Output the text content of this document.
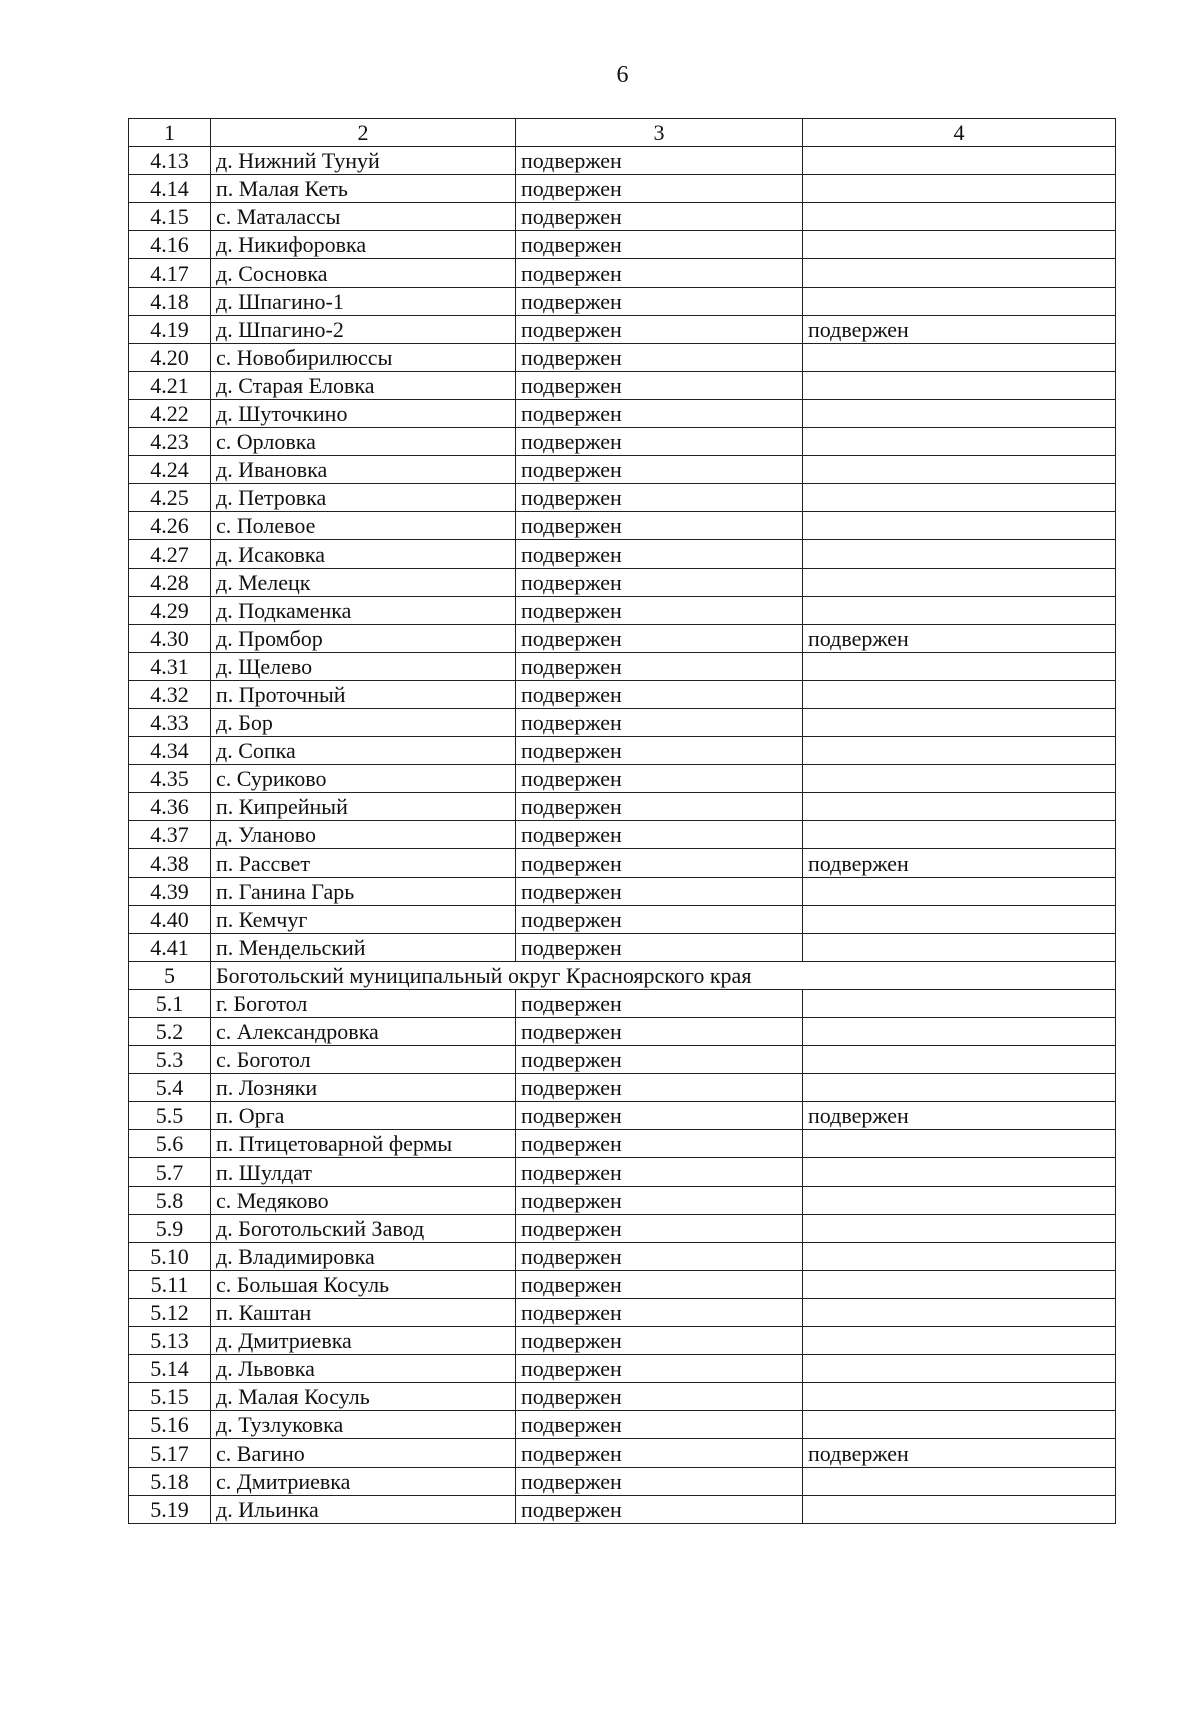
6
1	2	3	4
4.13	д. Нижний Тунуй	подвержен	
4.14	п. Малая Кеть	подвержен	
4.15	с. Маталассы	подвержен	
4.16	д. Никифоровка	подвержен	
4.17	д. Сосновка	подвержен	
4.18	д. Шпагино-1	подвержен	
4.19	д. Шпагино-2	подвержен	подвержен
4.20	с. Новобирилюссы	подвержен	
4.21	д. Старая Еловка	подвержен	
4.22	д. Шуточкино	подвержен	
4.23	с. Орловка	подвержен	
4.24	д. Ивановка	подвержен	
4.25	д. Петровка	подвержен	
4.26	с. Полевое	подвержен	
4.27	д. Исаковка	подвержен	
4.28	д. Мелецк	подвержен	
4.29	д. Подкаменка	подвержен	
4.30	д. Промбор	подвержен	подвержен
4.31	д. Щелево	подвержен	
4.32	п. Проточный	подвержен	
4.33	д. Бор	подвержен	
4.34	д. Сопка	подвержен	
4.35	с. Суриково	подвержен	
4.36	п. Кипрейный	подвержен	
4.37	д. Уланово	подвержен	
4.38	п. Рассвет	подвержен	подвержен
4.39	п. Ганина Гарь	подвержен	
4.40	п. Кемчуг	подвержен	
4.41	п. Мендельский	подвержен	
5	Боготольский муниципальный округ Красноярского края		
5.1	г. Боготол	подвержен	
5.2	с. Александровка	подвержен	
5.3	с. Боготол	подвержен	
5.4	п. Лозняки	подвержен	
5.5	п. Орга	подвержен	подвержен
5.6	п. Птицетоварной фермы	подвержен	
5.7	п. Шулдат	подвержен	
5.8	с. Медяково	подвержен	
5.9	д. Боготольский Завод	подвержен	
5.10	д. Владимировка	подвержен	
5.11	с. Большая Косуль	подвержен	
5.12	п. Каштан	подвержен	
5.13	д. Дмитриевка	подвержен	
5.14	д. Львовка	подвержен	
5.15	д. Малая Косуль	подвержен	
5.16	д. Тузлуковка	подвержен	
5.17	с. Вагино	подвержен	подвержен
5.18	с. Дмитриевка	подвержен	
5.19	д. Ильинка	подвержен	
